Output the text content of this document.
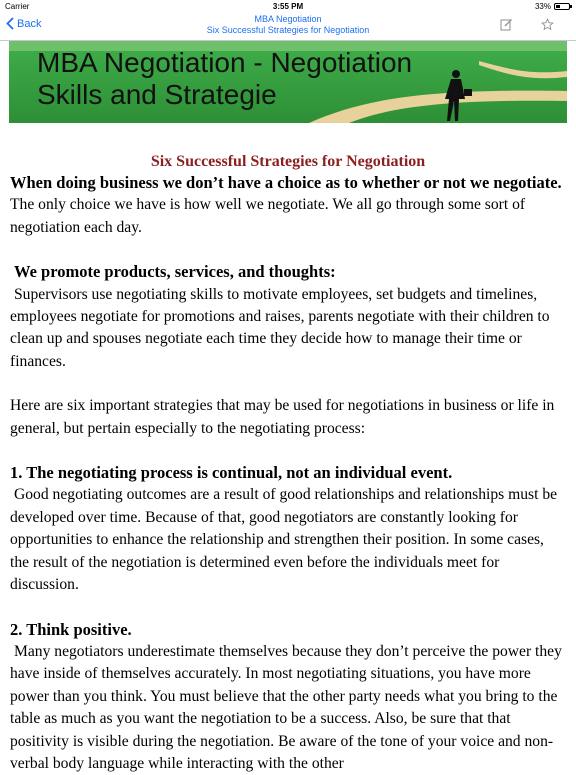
Carrier	3:55 PM	33%
Back	MBA Negotiation
Six Successful Strategies for Negotiation
MBA Negotiation - Negotiation
Skills and Strategie
Six Successful Strategies for Negotiation

When doing business we don’t have a choice as to whether or not we negotiate.

The only choice we have is how well we negotiate. We all go through some sort of negotiation each day.

We promote products, services, and thoughts:

Supervisors use negotiating skills to motivate employees, set budgets and timelines, employees negotiate for promotions and raises, parents negotiate with their children to clean up and spouses negotiate each time they decide how to manage their time or finances.

Here are six important strategies that may be used for negotiations in business or life in general, but pertain especially to the negotiating process:

1. The negotiating process is continual, not an individual event.

Good negotiating outcomes are a result of good relationships and relationships must be developed over time. Because of that, good negotiators are constantly looking for opportunities to enhance the relationship and strengthen their position. In some cases, the result of the negotiation is determined even before the individuals meet for discussion.

2. Think positive.

Many negotiators underestimate themselves because they don’t perceive the power they have inside of themselves accurately. In most negotiating situations, you have more power than you think. You must believe that the other party needs what you bring to the table as much as you want the negotiation to be a success. Also, be sure that that positivity is visible during the negotiation. Be aware of the tone of your voice and non-verbal body language while interacting with the other
